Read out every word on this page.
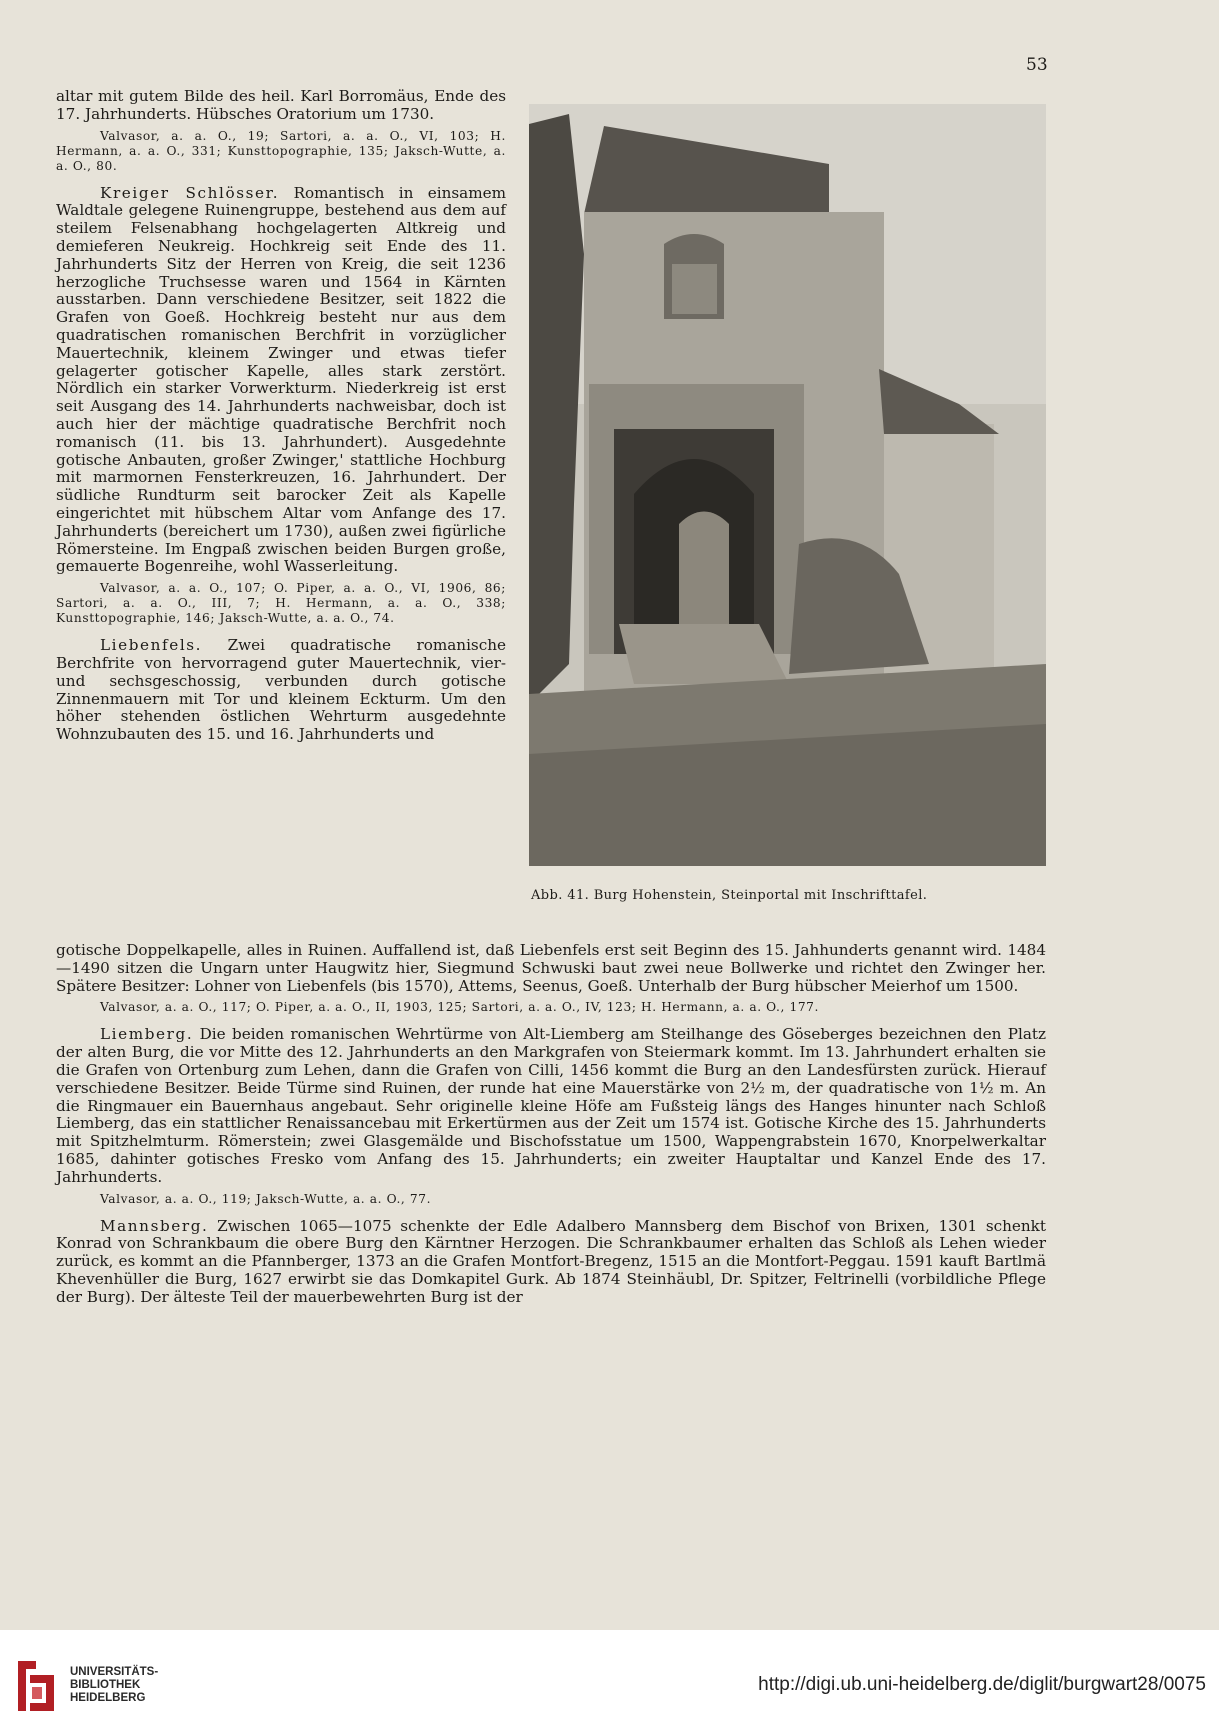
53

altar mit gutem Bilde des heil. Karl Borromäus, Ende des 17. Jahrhunderts. Hübsches Oratorium um 1730.

Valvasor, a. a. O., 19; Sartori, a. a. O., VI, 103; H. Hermann, a. a. O., 331; Kunsttopographie, 135; Jaksch-Wutte, a. a. O., 80.

Kreiger Schlösser. Romantisch in einsamem Waldtale gelegene Ruinengruppe, bestehend aus dem auf steilem Felsenabhang hochgelagerten Altkreig und demieferen Neukreig. Hochkreig seit Ende des 11. Jahrhunderts Sitz der Herren von Kreig, die seit 1236 herzogliche Truchsesse waren und 1564 in Kärnten ausstarben. Dann verschiedene Besitzer, seit 1822 die Grafen von Goeß. Hochkreig besteht nur aus dem quadratischen romanischen Berchfrit in vorzüglicher Mauertechnik, kleinem Zwinger und etwas tiefer gelagerter gotischer Kapelle, alles stark zerstört. Nördlich ein starker Vorwerkturm. Niederkreig ist erst seit Ausgang des 14. Jahrhunderts nachweisbar, doch ist auch hier der mächtige quadratische Berchfrit noch romanisch (11. bis 13. Jahrhundert). Ausgedehnte gotische Anbauten, großer Zwinger,' stattliche Hochburg mit marmornen Fensterkreuzen, 16. Jahrhundert. Der südliche Rundturm seit barocker Zeit als Kapelle eingerichtet mit hübschem Altar vom Anfange des 17. Jahrhunderts (bereichert um 1730), außen zwei figürliche Römersteine. Im Engpaß zwischen beiden Burgen große, gemauerte Bogenreihe, wohl Wasserleitung.

Valvasor, a. a. O., 107; O. Piper, a. a. O., VI, 1906, 86; Sartori, a. a. O., III, 7; H. Hermann, a. a. O., 338; Kunsttopographie, 146; Jaksch-Wutte, a. a. O., 74.

Liebenfels. Zwei quadratische romanische Berchfrite von hervorragend guter Mauertechnik, vier- und sechsgeschossig, verbunden durch gotische Zinnenmauern mit Tor und kleinem Eckturm. Um den höher stehenden östlichen Wehrturm ausgedehnte Wohnzubauten des 15. und 16. Jahrhunderts und

Abb. 41. Burg Hohenstein, Steinportal mit Inschrifttafel.

gotische Doppelkapelle, alles in Ruinen. Auffallend ist, daß Liebenfels erst seit Beginn des 15. Jahhunderts genannt wird. 1484—1490 sitzen die Ungarn unter Haugwitz hier, Siegmund Schwuski baut zwei neue Bollwerke und richtet den Zwinger her. Spätere Besitzer: Lohner von Liebenfels (bis 1570), Attems, Seenus, Goeß. Unterhalb der Burg hübscher Meierhof um 1500.

Valvasor, a. a. O., 117; O. Piper, a. a. O., II, 1903, 125; Sartori, a. a. O., IV, 123; H. Hermann, a. a. O., 177.

Liemberg. Die beiden romanischen Wehrtürme von Alt-Liemberg am Steilhange des Göseberges bezeichnen den Platz der alten Burg, die vor Mitte des 12. Jahrhunderts an den Markgrafen von Steiermark kommt. Im 13. Jahrhundert erhalten sie die Grafen von Ortenburg zum Lehen, dann die Grafen von Cilli, 1456 kommt die Burg an den Landesfürsten zurück. Hierauf verschiedene Besitzer. Beide Türme sind Ruinen, der runde hat eine Mauerstärke von 2½ m, der quadratische von 1½ m. An die Ringmauer ein Bauernhaus angebaut. Sehr originelle kleine Höfe am Fußsteig längs des Hanges hinunter nach Schloß Liemberg, das ein stattlicher Renaissancebau mit Erkertürmen aus der Zeit um 1574 ist. Gotische Kirche des 15. Jahrhunderts mit Spitzhelmturm. Römerstein; zwei Glasgemälde und Bischofsstatue um 1500, Wappengrabstein 1670, Knorpelwerkaltar 1685, dahinter gotisches Fresko vom Anfang des 15. Jahrhunderts; ein zweiter Hauptaltar und Kanzel Ende des 17. Jahrhunderts.

Valvasor, a. a. O., 119; Jaksch-Wutte, a. a. O., 77.

Mannsberg. Zwischen 1065—1075 schenkte der Edle Adalbero Mannsberg dem Bischof von Brixen, 1301 schenkt Konrad von Schrankbaum die obere Burg den Kärntner Herzogen. Die Schrankbaumer erhalten das Schloß als Lehen wieder zurück, es kommt an die Pfannberger, 1373 an die Grafen Montfort-Bregenz, 1515 an die Montfort-Peggau. 1591 kauft Bartlmä Khevenhüller die Burg, 1627 erwirbt sie das Domkapitel Gurk. Ab 1874 Steinhäubl, Dr. Spitzer, Feltrinelli (vorbildliche Pflege der Burg). Der älteste Teil der mauerbewehrten Burg ist der

UNIVERSITÄTS-
BIBLIOTHEK
HEIDELBERG
http://digi.ub.uni-heidelberg.de/diglit/burgwart28/0075
